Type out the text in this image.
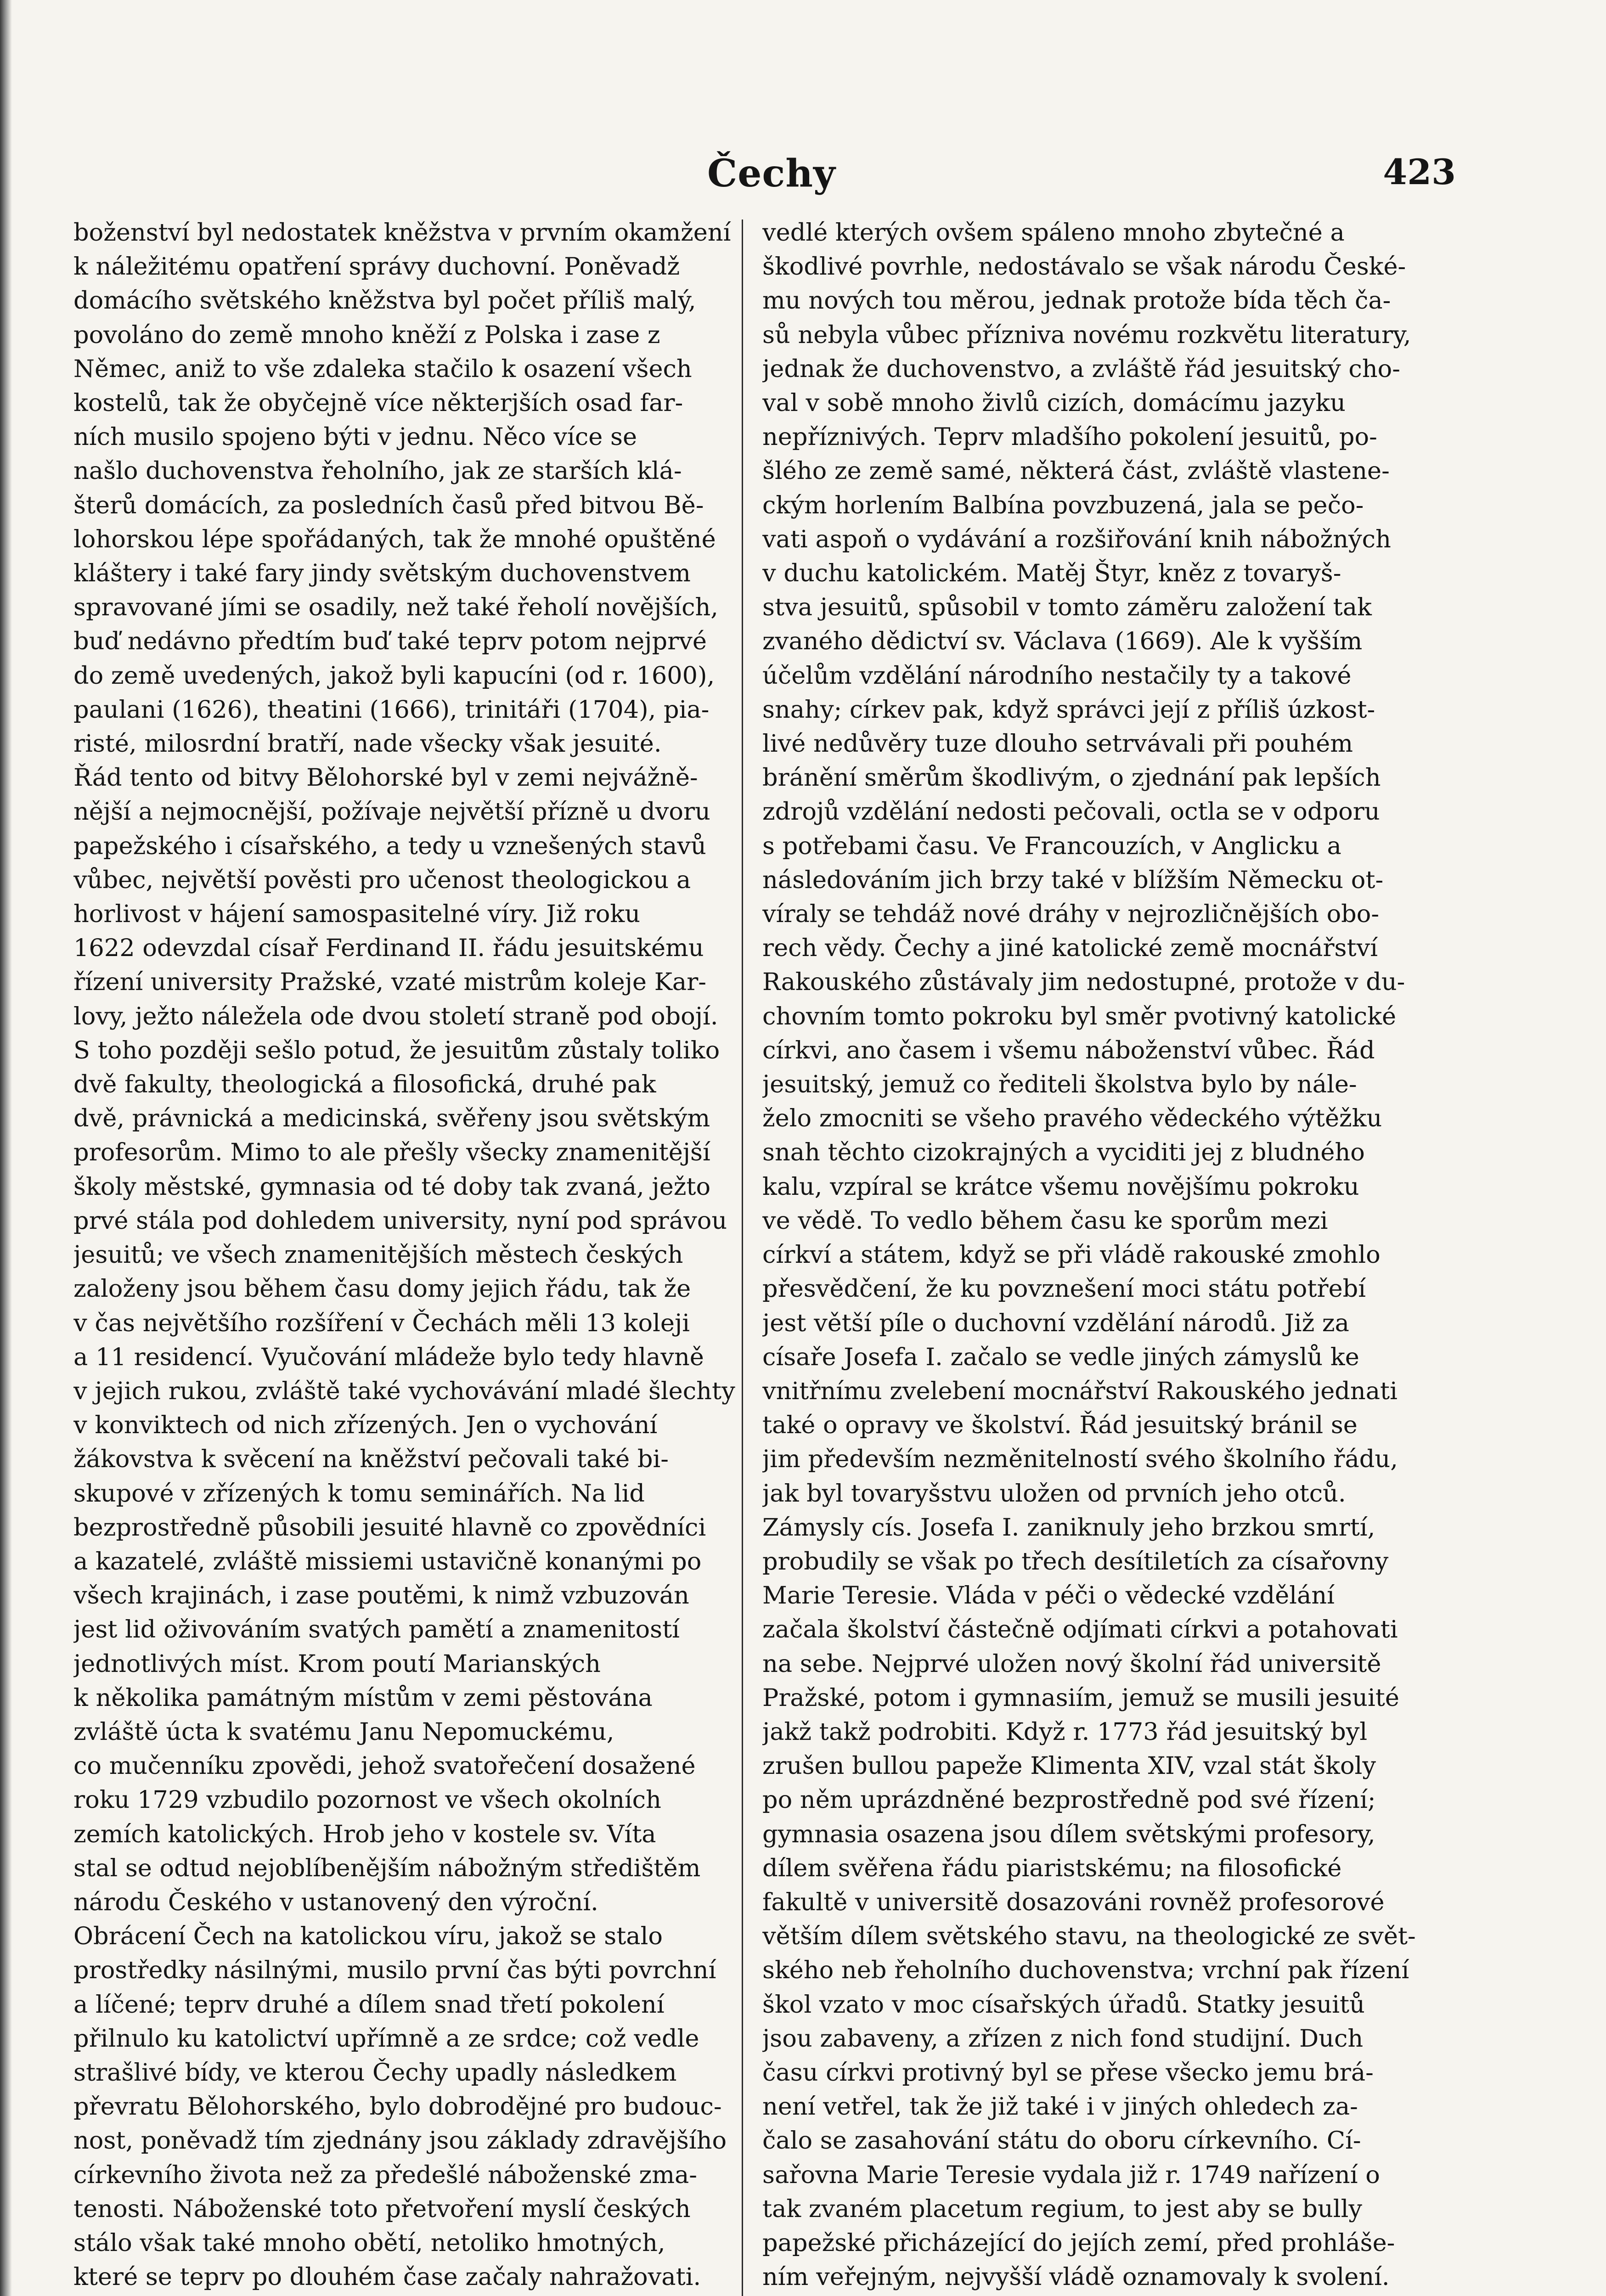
Čechy	423
boženství byl nedostatek kněžstva v prvním okamžení
k náležitému opatření správy duchovní. Poněvadž
domácího světského kněžstva byl počet příliš malý,
povoláno do země mnoho kněží z Polska i zase z
Němec, aniž to vše zdaleka stačilo k osazení všech
kostelů, tak že obyčejně více některjších osad far-
ních musilo spojeno býti v jednu. Něco více se
našlo duchovenstva řeholního, jak ze starších klá-
šterů domácích, za posledních časů před bitvou Bě-
lohorskou lépe spořádaných, tak že mnohé opuštěné
kláštery i také fary jindy světským duchovenstvem
spravované jími se osadily, než také řeholí novějších,
buď nedávno předtím buď také teprv potom nejprvé
do země uvedených, jakož byli kapucíni (od r. 1600),
paulani (1626), theatini (1666), trinitáři (1704), pia-
risté, milosrdní bratří, nade všecky však jesuité.
Řád tento od bitvy Bělohorské byl v zemi nejvážně-
nější a nejmocnější, požívaje největší přízně u dvoru
papežského i císařského, a tedy u vznešených stavů
vůbec, největší pověsti pro učenost theologickou a
horlivost v hájení samospasitelné víry. Již roku
1622 odevzdal císař Ferdinand II. řádu jesuitskému
řízení university Pražské, vzaté mistrům koleje Kar-
lovy, ježto náležela ode dvou století straně pod obojí.
S toho později sešlo potud, že jesuitům zůstaly toliko
dvě fakulty, theologická a filosofická, druhé pak
dvě, právnická a medicinská, svěřeny jsou světským
profesorům. Mimo to ale přešly všecky znamenitější
školy městské, gymnasia od té doby tak zvaná, ježto
prvé stála pod dohledem university, nyní pod správou
jesuitů; ve všech znamenitějších městech českých
založeny jsou během času domy jejich řádu, tak že
v čas největšího rozšíření v Čechách měli 13 koleji
a 11 residencí. Vyučování mládeže bylo tedy hlavně
v jejich rukou, zvláště také vychovávání mladé šlechty
v konviktech od nich zřízených. Jen o vychování
žákovstva k svěcení na kněžství pečovali také bi-
skupové v zřízených k tomu seminářích. Na lid
bezprostředně působili jesuité hlavně co zpovědníci
a kazatelé, zvláště missiemi ustavičně konanými po
všech krajinách, i zase poutěmi, k nimž vzbuzován
jest lid oživováním svatých pamětí a znamenitostí
jednotlivých míst. Krom poutí Marianských
k několika památným místům v zemi pěstována
zvláště úcta k svatému Janu Nepomuckému,
co mučenníku zpovědi, jehož svatořečení dosažené
roku 1729 vzbudilo pozornost ve všech okolních
zemích katolických. Hrob jeho v kostele sv. Víta
stal se odtud nejoblíbenějším nábožným středištěm
národu Českého v ustanovený den výroční.
Obrácení Čech na katolickou víru, jakož se stalo
prostředky násilnými, musilo první čas býti povrchní
a líčené; teprv druhé a dílem snad třetí pokolení
přilnulo ku katolictví upřímně a ze srdce; což vedle
strašlivé bídy, ve kterou Čechy upadly následkem
převratu Bělohorského, bylo dobrodějné pro budouc-
nost, poněvadž tím zjednány jsou základy zdravějšího
církevního života než za předešlé náboženské zma-
tenosti. Náboženské toto přetvoření myslí českých
stálo však také mnoho obětí, netoliko hmotných,
které se teprv po dlouhém čase začaly nahražovati.
vedlé kterých ovšem spáleno mnoho zbytečné a
škodlivé povrhle, nedostávalo se však národu České-
mu nových tou měrou, jednak protože bída těch ča-
sů nebyla vůbec přízniva novému rozkvětu literatury,
jednak že duchovenstvo, a zvláště řád jesuitský cho-
val v sobě mnoho živlů cizích, domácímu jazyku
nepříznivých. Teprv mladšího pokolení jesuitů, po-
šlého ze země samé, některá část, zvláště vlastene-
ckým horlením Balbína povzbuzená, jala se pečo-
vati aspoň o vydávání a rozšiřování knih nábožných
v duchu katolickém. Matěj Štyr, kněz z tovaryš-
stva jesuitů, spůsobil v tomto záměru založení tak
zvaného dědictví sv. Václava (1669). Ale k vyšším
účelům vzdělání národního nestačily ty a takové
snahy; církev pak, když správci její z příliš úzkost-
livé nedůvěry tuze dlouho setrvávali při pouhém
bránění směrům škodlivým, o zjednání pak lepších
zdrojů vzdělání nedosti pečovali, octla se v odporu
s potřebami času. Ve Francouzích, v Anglicku a
následováním jich brzy také v blížším Německu ot-
víraly se tehdáž nové dráhy v nejrozličnějších obo-
rech vědy. Čechy a jiné katolické země mocnářství
Rakouského zůstávaly jim nedostupné, protože v du-
chovním tomto pokroku byl směr pvotivný katolické
církvi, ano časem i všemu náboženství vůbec. Řád
jesuitský, jemuž co řediteli školstva bylo by nále-
želo zmocniti se všeho pravého vědeckého výtěžku
snah těchto cizokrajných a vyciditi jej z bludného
kalu, vzpíral se krátce všemu novějšímu pokroku
ve vědě. To vedlo během času ke sporům mezi
církví a státem, když se při vládě rakouské zmohlo
přesvědčení, že ku povznešení moci státu potřebí
jest větší píle o duchovní vzdělání národů. Již za
císaře Josefa I. začalo se vedle jiných zámyslů ke
vnitřnímu zvelebení mocnářství Rakouského jednati
také o opravy ve školství. Řád jesuitský bránil se
jim především nezměnitelností svého školního řádu,
jak byl tovaryšstvu uložen od prvních jeho otců.
Zámysly cís. Josefa I. zaniknuly jeho brzkou smrtí,
probudily se však po třech desítiletích za císařovny
Marie Teresie. Vláda v péči o vědecké vzdělání
začala školství částečně odjímati církvi a potahovati
na sebe. Nejprvé uložen nový školní řád universitě
Pražské, potom i gymnasiím, jemuž se musili jesuité
jakž takž podrobiti. Když r. 1773 řád jesuitský byl
zrušen bullou papeže Klimenta XIV, vzal stát školy
po něm uprázdněné bezprostředně pod své řízení;
gymnasia osazena jsou dílem světskými profesory,
dílem svěřena řádu piaristskému; na filosofické
fakultě v universitě dosazováni rovněž profesorové
větším dílem světského stavu, na theologické ze svět-
ského neb řeholního duchovenstva; vrchní pak řízení
škol vzato v moc císařských úřadů. Statky jesuitů
jsou zabaveny, a zřízen z nich fond studijní. Duch
času církvi protivný byl se přese všecko jemu brá-
není vetřel, tak že již také i v jiných ohledech za-
čalo se zasahování státu do oboru církevního. Cí-
sařovna Marie Teresie vydala již r. 1749 nařízení o
tak zvaném placetum regium, to jest aby se bully
papežské přicházející do jejích zemí, před prohláše-
ním veřejným, nejvyšší vládě oznamovaly k svolení.
